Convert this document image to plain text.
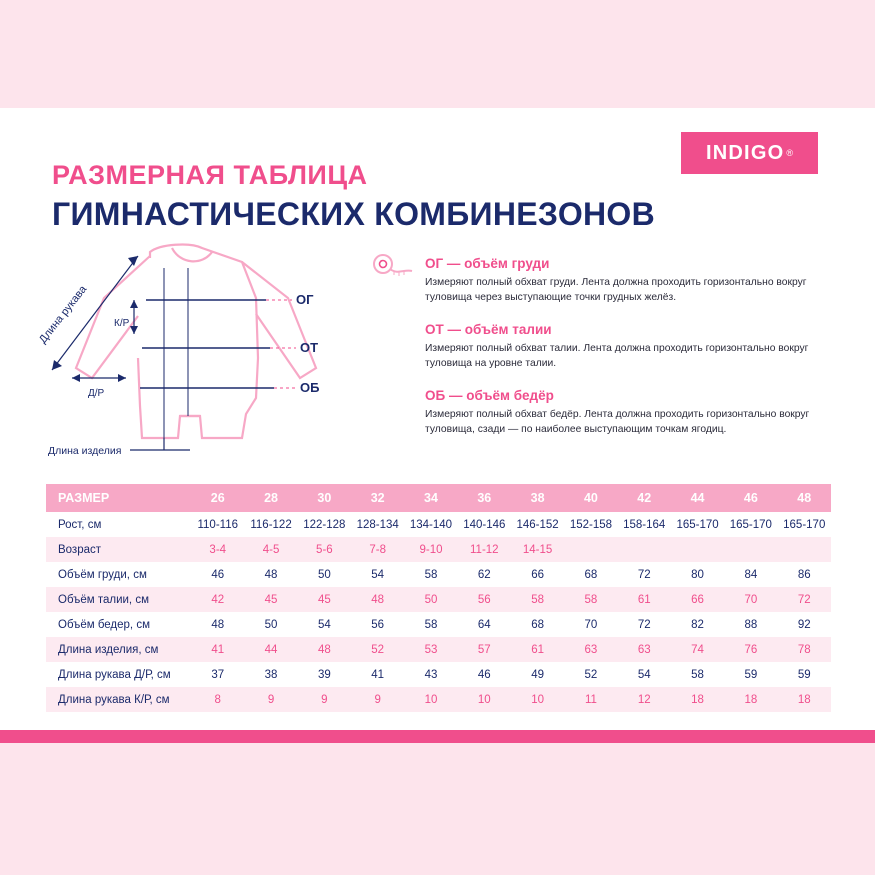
INDIGO ®
РАЗМЕРНАЯ ТАБЛИЦА
ГИМНАСТИЧЕСКИХ КОМБИНЕЗОНОВ
Длина рукава К/Р
Д/Р
ОГ
ОТ
ОБ
Длина изделия
ОГ — объём груди
Измеряют полный обхват груди. Лента должна проходить горизонтально вокруг туловища через выступающие точки грудных желёз.
ОТ — объём талии
Измеряют полный обхват талии. Лента должна проходить горизонтально вокруг туловища на уровне талии.
ОБ — объём бедёр
Измеряют полный обхват бедёр. Лента должна проходить горизонтально вокруг туловища, сзади — по наиболее выступающим точкам ягодиц.
РАЗМЕР	26	28	30	32	34	36	38	40	42	44	46	48
Рост, см	110-116	116-122	122-128	128-134	134-140	140-146	146-152	152-158	158-164	165-170	165-170	165-170
Возраст	3-4	4-5	5-6	7-8	9-10	11-12	14-15					
Объём груди, см	46	48	50	54	58	62	66	68	72	80	84	86
Объём талии, см	42	45	45	48	50	56	58	58	61	66	70	72
Объём бедер, см	48	50	54	56	58	64	68	70	72	82	88	92
Длина изделия, см	41	44	48	52	53	57	61	63	63	74	76	78
Длина рукава Д/Р, см	37	38	39	41	43	46	49	52	54	58	59	59
Длина рукава К/Р, см	8	9	9	9	10	10	10	11	12	18	18	18
